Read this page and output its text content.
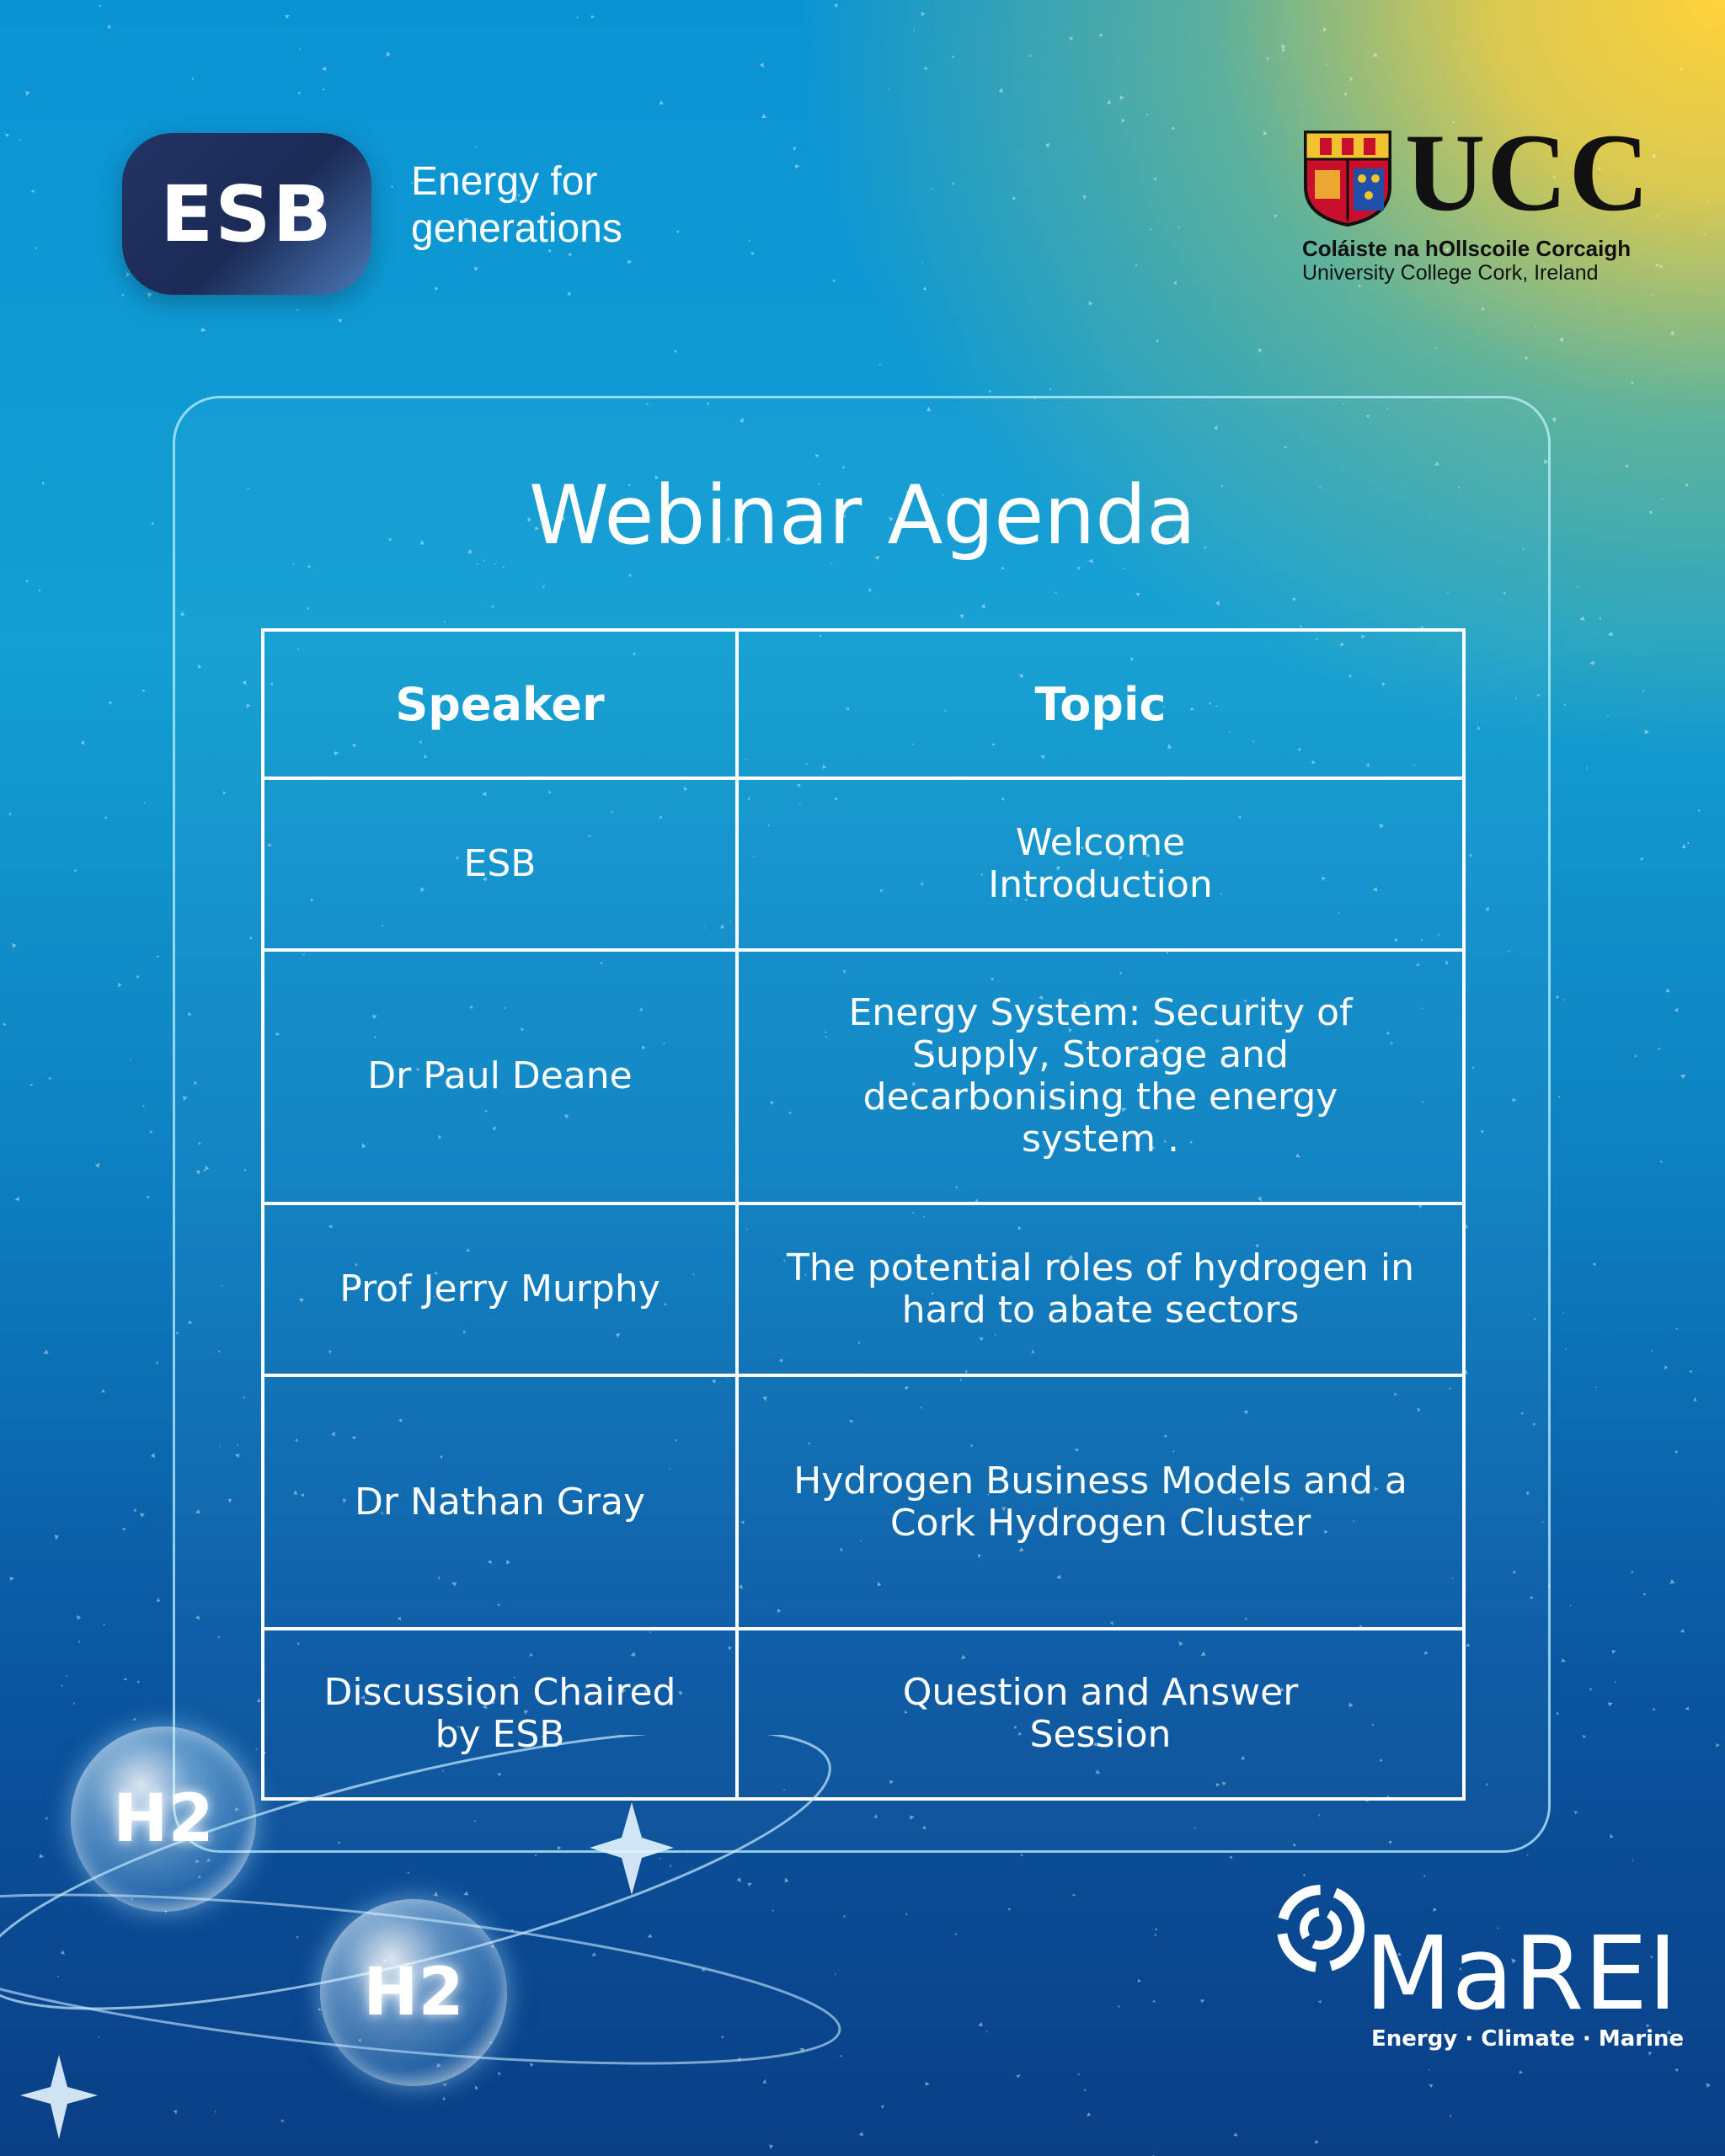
ESB Energy for
generations	UCC
Coláiste na hOllscoile Corcaigh
University College Cork, Ireland
Webinar Agenda
Speaker	Topic
ESB	Welcome Introduction

Dr Paul Deane	Energy System: Security of Supply, Storage and decarbonising the energy system .

Prof Jerry Murphy	The potential roles of hydrogen in hard to abate sectors

Dr Nathan Gray	Hydrogen Business Models and a Cork Hydrogen Cluster

Discussion Chaired by ESB	Question and Answer Session
H2
H2	MaREI
Energy · Climate · Marine
